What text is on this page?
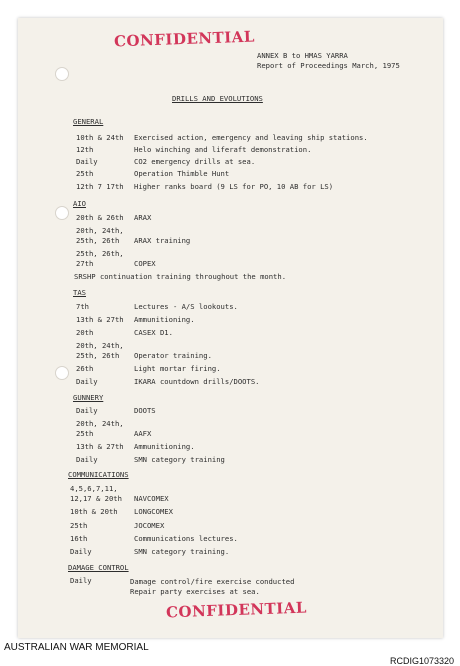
CONFIDENTIAL
CONFIDENTIAL
ANNEX B to HMAS YARRA
Report of Proceedings March, 1975
DRILLS AND EVOLUTIONS
GENERAL
10th & 24th Exercised action, emergency and leaving ship stations.
12th	Helo winching and liferaft demonstration.
Daily	CO2 emergency drills at sea.
25th	Operation Thimble Hunt
12th 7 17th Higher ranks board (9 LS for PO, 10 AB for LS)
AIO
20th & 26th ARAX
20th, 24th,
25th, 26th ARAX training
25th, 26th,
27th	COPEX
SRSHP continuation training throughout the month.
TAS
7th	Lectures - A/S lookouts.
13th & 27th Ammunitioning.
20th	CASEX D1.
20th, 24th,
25th, 26th Operator training.
26th	Light mortar firing.
Daily	IKARA countdown drills/DOOTS.
GUNNERY
Daily	DOOTS
20th, 24th,
25th	AAFX
13th & 27th Ammunitioning.
Daily	SMN category training
COMMUNICATIONS
4,5,6,7,11,
12,17 & 20th NAVCOMEX
10th & 20th LONGCOMEX
25th	JOCOMEX
16th	Communications lectures.
Daily	SMN category training.
DAMAGE CONTROL
Daily	Damage control/fire exercise conducted
Repair party exercises at sea.
AUSTRALIAN WAR MEMORIAL
RCDIG1073320
